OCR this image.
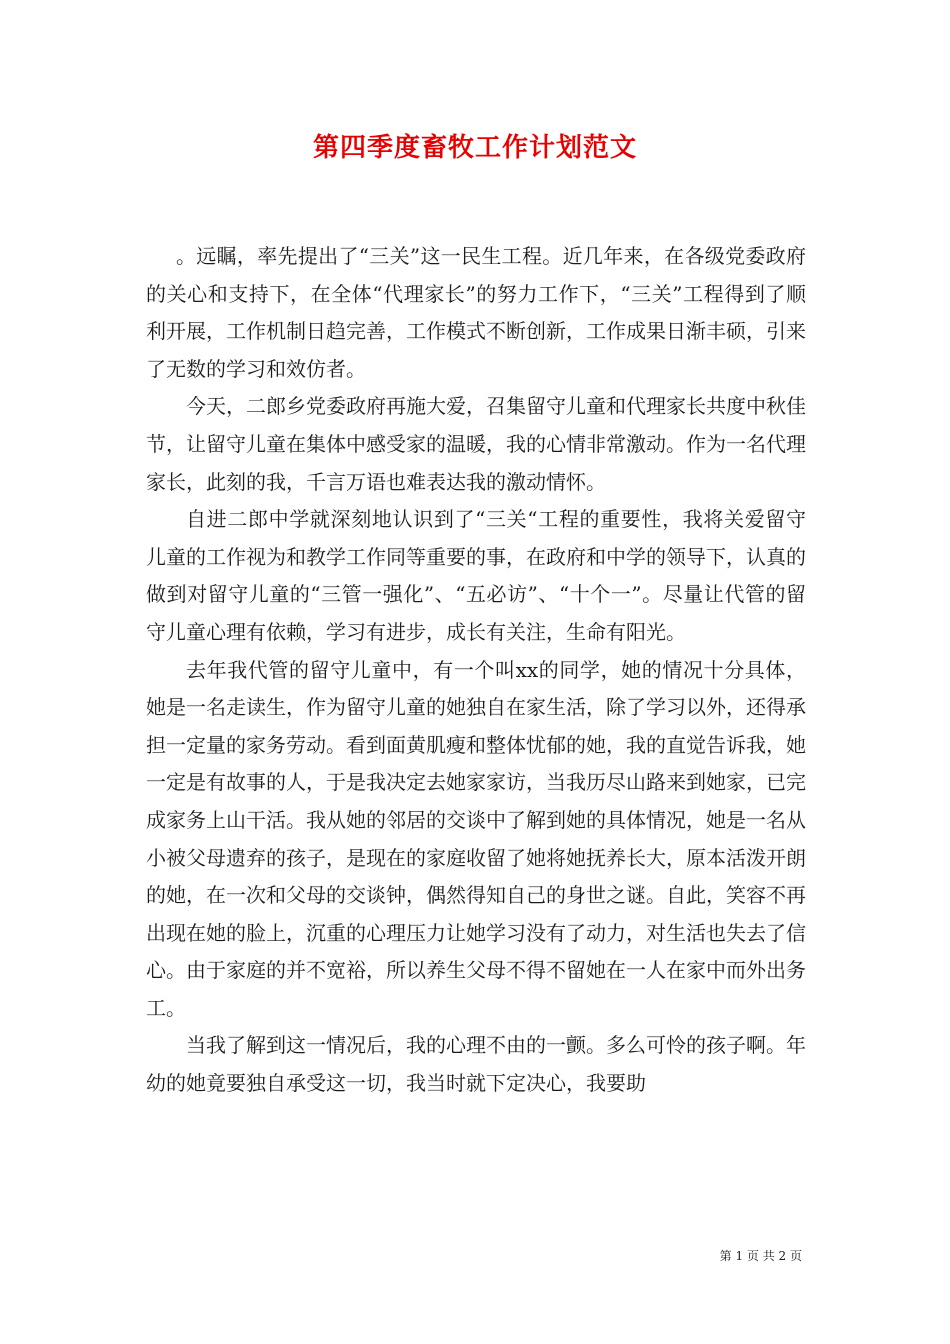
第四季度畜牧工作计划范文

。远瞩，率先提出了“三关”这一民生工程。近几年来，在各级党委政府的关心和支持下，在全体“代理家长”的努力工作下，“三关”工程得到了顺利开展，工作机制日趋完善，工作模式不断创新，工作成果日渐丰硕，引来了无数的学习和效仿者。

今天，二郎乡党委政府再施大爱，召集留守儿童和代理家长共度中秋佳节，让留守儿童在集体中感受家的温暖，我的心情非常激动。作为一名代理家长，此刻的我，千言万语也难表达我的激动情怀。

自进二郎中学就深刻地认识到了“三关“工程的重要性，我将关爱留守儿童的工作视为和教学工作同等重要的事，在政府和中学的领导下，认真的做到对留守儿童的“三管一强化”、“五必访”、“十个一”。尽量让代管的留守儿童心理有依赖，学习有进步，成长有关注，生命有阳光。

去年我代管的留守儿童中，有一个叫xx的同学，她的情况十分具体，她是一名走读生，作为留守儿童的她独自在家生活，除了学习以外，还得承担一定量的家务劳动。看到面黄肌瘦和整体忧郁的她，我的直觉告诉我，她一定是有故事的人，于是我决定去她家家访，当我历尽山路来到她家，已完成家务上山干活。我从她的邻居的交谈中了解到她的具体情况，她是一名从小被父母遗弃的孩子，是现在的家庭收留了她将她抚养长大，原本活泼开朗的她，在一次和父母的交谈钟，偶然得知自己的身世之谜。自此，笑容不再出现在她的脸上，沉重的心理压力让她学习没有了动力，对生活也失去了信心。由于家庭的并不宽裕，所以养生父母不得不留她在一人在家中而外出务工。

当我了解到这一情况后，我的心理不由的一颤。多么可怜的孩子啊。年幼的她竟要独自承受这一切，我当时就下定决心，我要助

第 1 页 共 2 页
